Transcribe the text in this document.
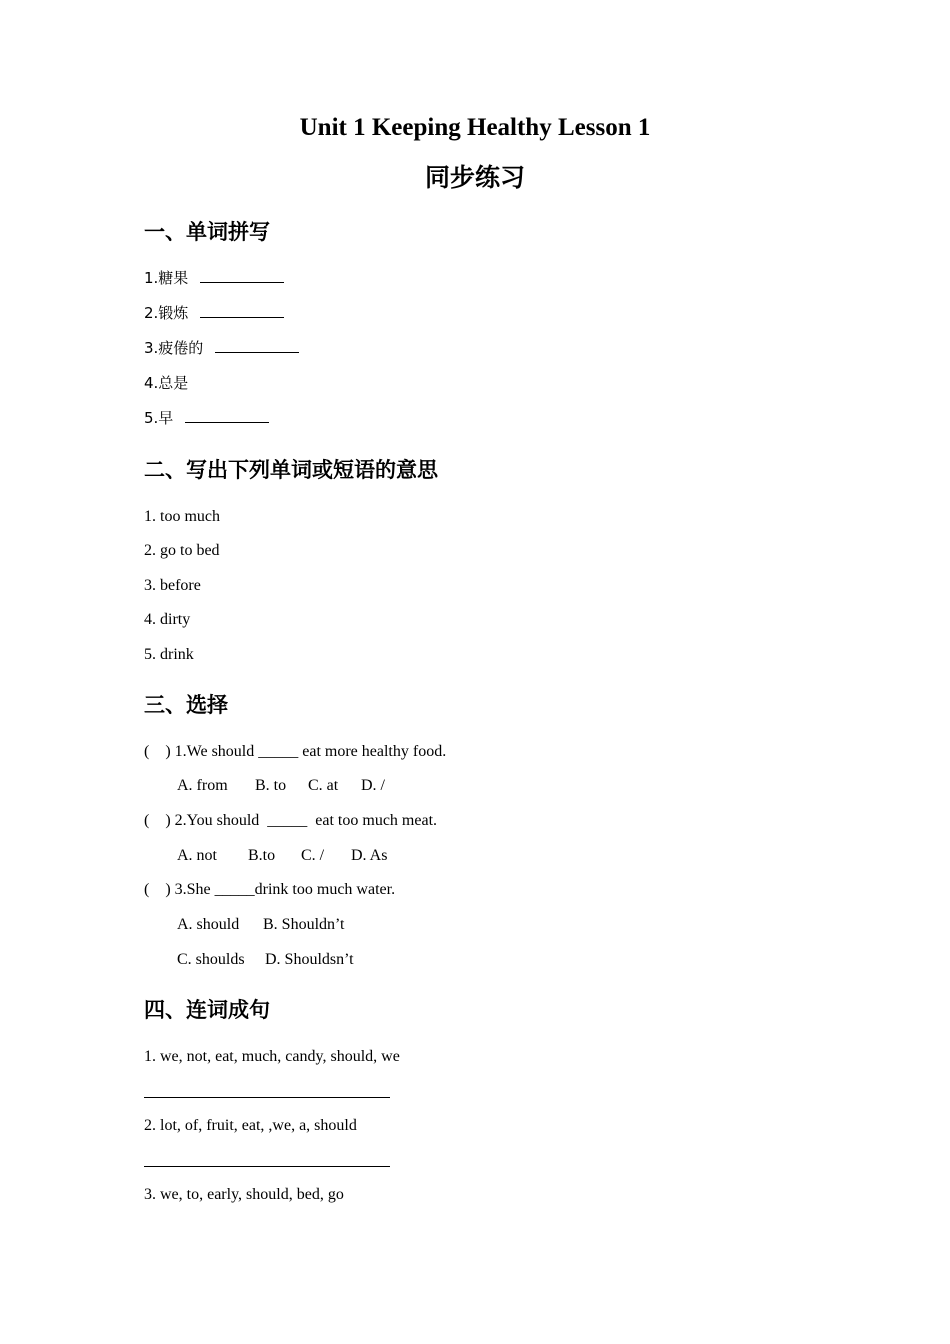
Unit 1 Keeping Healthy Lesson 1
同步练习
一、单词拼写
1.糖果
2.锻炼
3.疲倦的
4.总是
5.早
二、写出下列单词或短语的意思
1. too much
2. go to bed
3. before
4. dirty
5. drink
三、选择
(    ) 1.We should _____ eat more healthy food.
A. from B. to C. at D. /
(    ) 2.You should  _____  eat too much meat.
A. not B.to C. / D. As
(    ) 3.She _____drink too much water.
A. should B. Shouldn’t
C. shoulds D. Shouldsn’t
四、连词成句
1. we, not, eat, much, candy, should, we
2. lot, of, fruit, eat, ,we, a, should
3. we, to, early, should, bed, go
